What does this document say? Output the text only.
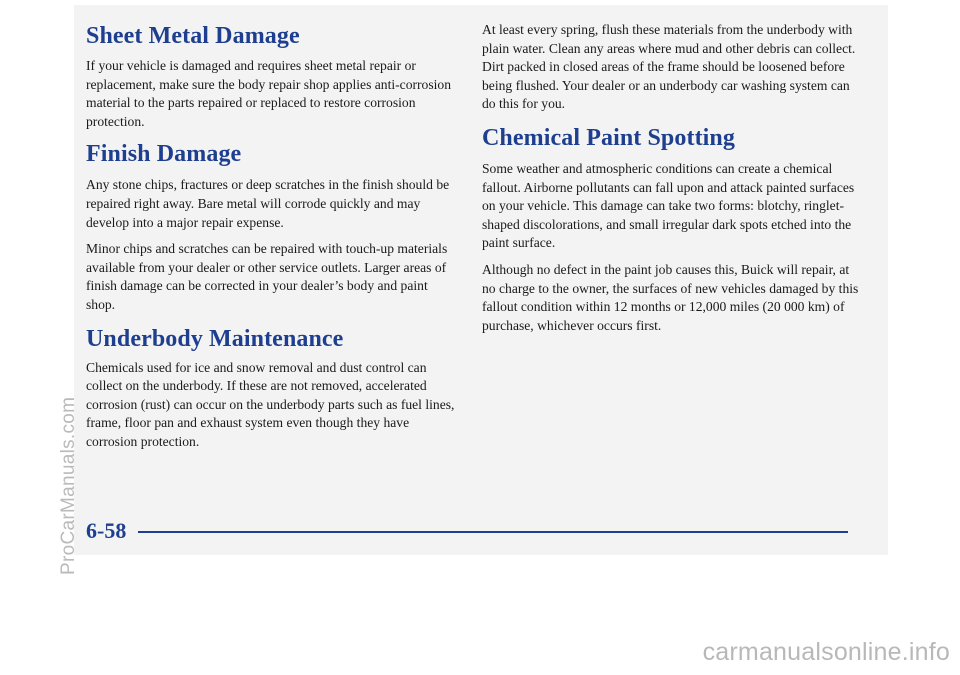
Sheet Metal Damage

If your vehicle is damaged and requires sheet metal repair or replacement, make sure the body repair shop applies anti-corrosion material to the parts repaired or replaced to restore corrosion protection.

Finish Damage

Any stone chips, fractures or deep scratches in the finish should be repaired right away. Bare metal will corrode quickly and may develop into a major repair expense.

Minor chips and scratches can be repaired with touch-up materials available from your dealer or other service outlets. Larger areas of finish damage can be corrected in your dealer’s body and paint shop.

Underbody Maintenance

Chemicals used for ice and snow removal and dust control can collect on the underbody. If these are not removed, accelerated corrosion (rust) can occur on the underbody parts such as fuel lines, frame, floor pan and exhaust system even though they have corrosion protection.

At least every spring, flush these materials from the underbody with plain water. Clean any areas where mud and other debris can collect. Dirt packed in closed areas of the frame should be loosened before being flushed. Your dealer or an underbody car washing system can do this for you.

Chemical Paint Spotting

Some weather and atmospheric conditions can create a chemical fallout. Airborne pollutants can fall upon and attack painted surfaces on your vehicle. This damage can take two forms: blotchy, ringlet-shaped discolorations, and small irregular dark spots etched into the paint surface.

Although no defect in the paint job causes this, Buick will repair, at no charge to the owner, the surfaces of new vehicles damaged by this fallout condition within 12 months or 12,000 miles (20 000 km) of purchase, whichever occurs first.

6-58
ProCarManuals.com
carmanualsonline.info
